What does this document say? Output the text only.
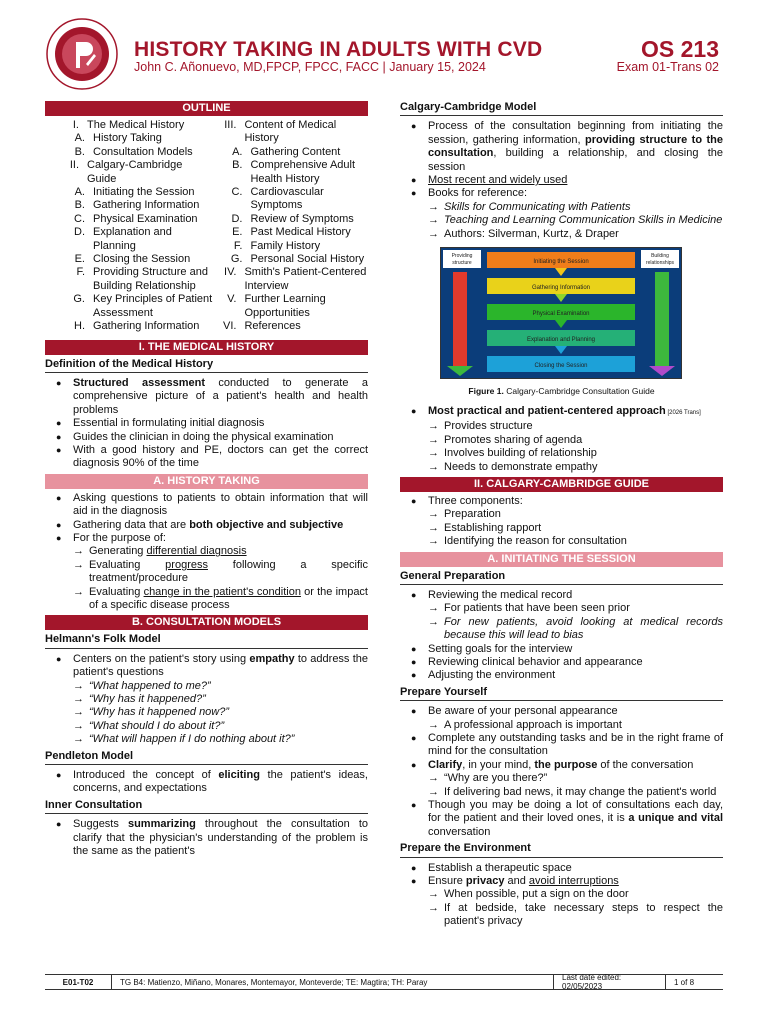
HISTORY TAKING IN ADULTS WITH CVD
John C. Añonuevo, MD,FPCP, FPCC, FACC | January 15, 2024
OS 213
Exam 01-Trans 02
OUTLINE
I. The Medical History
A. History Taking
B. Consultation Models
II. Calgary-Cambridge Guide
A. Initiating the Session
B. Gathering Information
C. Physical Examination
D. Explanation and Planning
E. Closing the Session
F. Providing Structure and Building Relationship
G. Key Principles of Patient Assessment
H. Gathering Information
III. Content of Medical History
A. Gathering Content
B. Comprehensive Adult Health History
C. Cardiovascular Symptoms
D. Review of Symptoms
E. Past Medical History
F. Family History
G. Personal Social History
IV. Smith's Patient-Centered Interview
V. Further Learning Opportunities
VI. References
I. THE MEDICAL HISTORY
Definition of the Medical History
● Structured assessment conducted to generate a comprehensive picture of a patient's health and health problems
● Essential in formulating initial diagnosis
● Guides the clinician in doing the physical examination
● With a good history and PE, doctors can get the correct diagnosis 90% of the time
A. HISTORY TAKING
● Asking questions to patients to obtain information that will aid in the diagnosis
● Gathering data that are both objective and subjective
● For the purpose of:
→ Generating differential diagnosis
→ Evaluating progress following a specific treatment/procedure
→ Evaluating change in the patient's condition or the impact of a specific disease process
B. CONSULTATION MODELS
Helmann's Folk Model
● Centers on the patient's story using empathy to address the patient's questions
→ “What happened to me?”
→ “Why has it happened?”
→ “Why has it happened now?”
→ “What should I do about it?”
→ “What will happen if I do nothing about it?”
Pendleton Model
● Introduced the concept of eliciting the patient's ideas, concerns, and expectations
Inner Consultation
● Suggests summarizing throughout the consultation to clarify that the physician's understanding of the problem is the same as the patient's
Calgary-Cambridge Model
● Process of the consultation beginning from initiating the session, gathering information, providing structure to the consultation, building a relationship, and closing the session
● Most recent and widely used
● Books for reference:
→ Skills for Communicating with Patients
→ Teaching and Learning Communication Skills in Medicine
→ Authors: Silverman, Kurtz, & Draper
Providing
structure
Building
relationships
Initiating the Session
Gathering Information
Physical Examination
Explanation and Planning
Closing the Session
Figure 1. Calgary-Cambridge Consultation Guide
● Most practical and patient-centered approach [2026 Trans]
→ Provides structure
→ Promotes sharing of agenda
→ Involves building of relationship
→ Needs to demonstrate empathy
II. CALGARY-CAMBRIDGE GUIDE
● Three components:
→ Preparation
→ Establishing rapport
→ Identifying the reason for consultation
A. INITIATING THE SESSION
General Preparation
● Reviewing the medical record
→ For patients that have been seen prior
→ For new patients, avoid looking at medical records because this will lead to bias
● Setting goals for the interview
● Reviewing clinical behavior and appearance
● Adjusting the environment
Prepare Yourself
● Be aware of your personal appearance
→ A professional approach is important
● Complete any outstanding tasks and be in the right frame of mind for the consultation
● Clarify, in your mind, the purpose of the conversation
→ “Why are you there?”
→ If delivering bad news, it may change the patient's world
● Though you may be doing a lot of consultations each day, for the patient and their loved ones, it is a unique and vital conversation
Prepare the Environment
● Establish a therapeutic space
● Ensure privacy and avoid interruptions
→ When possible, put a sign on the door
→ If at bedside, take necessary steps to respect the patient's privacy
E01-T02	TG B4: Matienzo, Miñano, Monares, Montemayor, Monteverde; TE: Magtira; TH: Paray	Last date edited: 02/05/2023	1 of 8
